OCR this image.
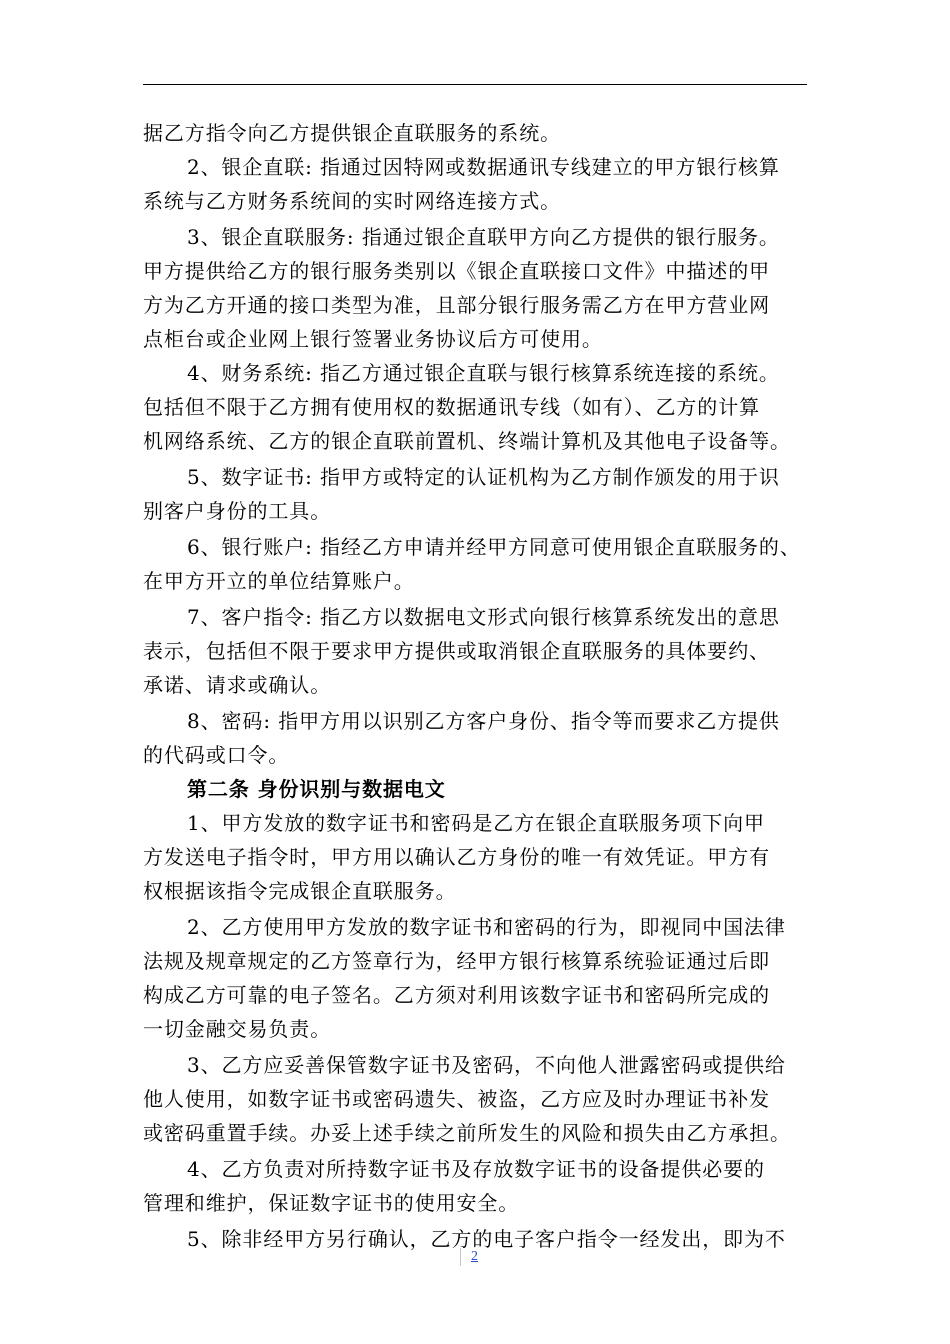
据乙方指令向乙方提供银企直联服务的系统。
2、银企直联: 指通过因特网或数据通讯专线建立的甲方银行核算
系统与乙方财务系统间的实时网络连接方式。
3、银企直联服务: 指通过银企直联甲方向乙方提供的银行服务。
甲方提供给乙方的银行服务类别以《银企直联接口文件》中描述的甲
方为乙方开通的接口类型为准，且部分银行服务需乙方在甲方营业网
点柜台或企业网上银行签署业务协议后方可使用。
4、财务系统: 指乙方通过银企直联与银行核算系统连接的系统。
包括但不限于乙方拥有使用权的数据通讯专线（如有）、乙方的计算
机网络系统、乙方的银企直联前置机、终端计算机及其他电子设备等。
5、数字证书: 指甲方或特定的认证机构为乙方制作颁发的用于识
别客户身份的工具。
6、银行账户: 指经乙方申请并经甲方同意可使用银企直联服务的、
在甲方开立的单位结算账户。
7、客户指令: 指乙方以数据电文形式向银行核算系统发出的意思
表示，包括但不限于要求甲方提供或取消银企直联服务的具体要约、
承诺、请求或确认。
8、密码: 指甲方用以识别乙方客户身份、指令等而要求乙方提供
的代码或口令。
第二条 身份识别与数据电文
1、甲方发放的数字证书和密码是乙方在银企直联服务项下向甲
方发送电子指令时，甲方用以确认乙方身份的唯一有效凭证。甲方有
权根据该指令完成银企直联服务。
2、乙方使用甲方发放的数字证书和密码的行为，即视同中国法律
法规及规章规定的乙方签章行为，经甲方银行核算系统验证通过后即
构成乙方可靠的电子签名。乙方须对利用该数字证书和密码所完成的
一切金融交易负责。
3、乙方应妥善保管数字证书及密码，不向他人泄露密码或提供给
他人使用，如数字证书或密码遗失、被盗，乙方应及时办理证书补发
或密码重置手续。办妥上述手续之前所发生的风险和损失由乙方承担。
4、乙方负责对所持数字证书及存放数字证书的设备提供必要的
管理和维护，保证数字证书的使用安全。
5、除非经甲方另行确认，乙方的电子客户指令一经发出，即为不
2
